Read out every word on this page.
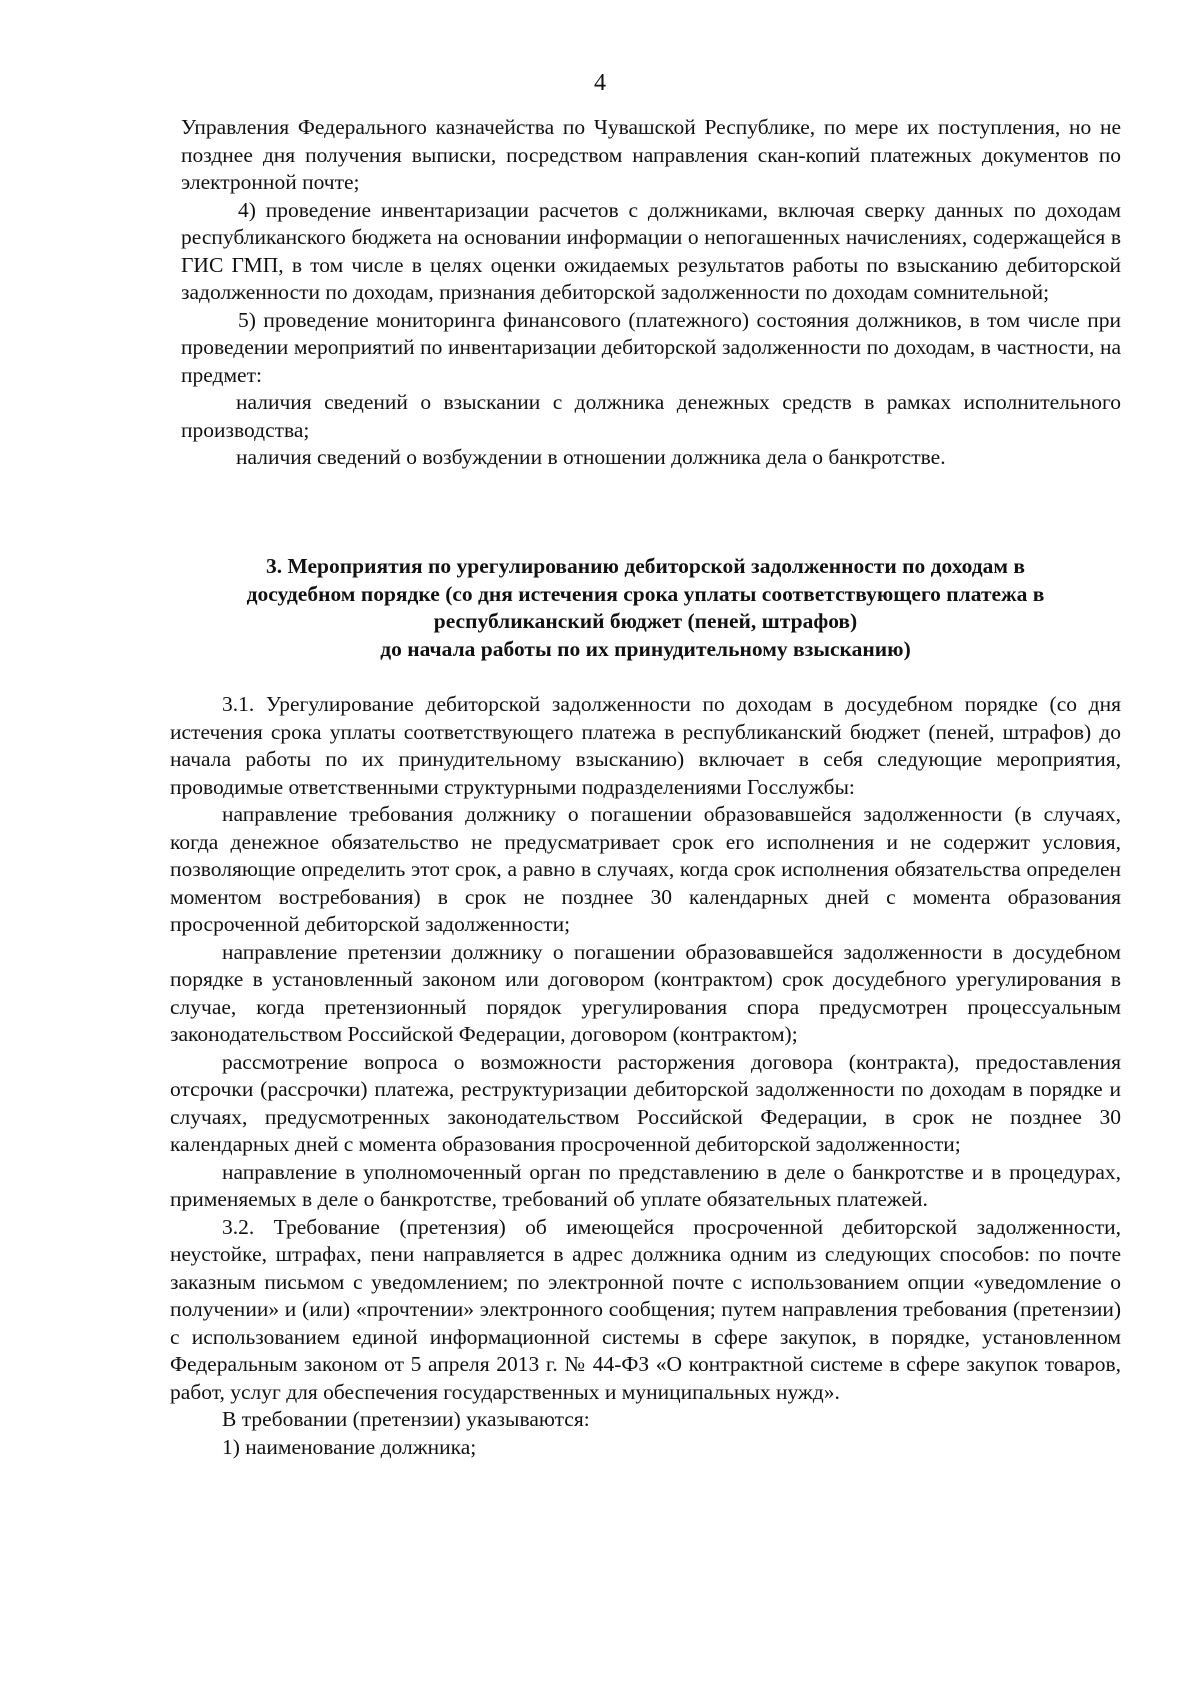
4

Управления Федерального казначейства по Чувашской Республике, по мере их поступления, но не позднее дня получения выписки, посредством направления скан-копий платежных документов по электронной почте;

4) проведение инвентаризации расчетов с должниками, включая сверку данных по доходам республиканского бюджета на основании информации о непогашенных начислениях, содержащейся в ГИС ГМП, в том числе в целях оценки ожидаемых результатов работы по взысканию дебиторской задолженности по доходам, признания дебиторской задолженности по доходам сомнительной;

5) проведение мониторинга финансового (платежного) состояния должников, в том числе при проведении мероприятий по инвентаризации дебиторской задолженности по доходам, в частности, на предмет:

наличия сведений о взыскании с должника денежных средств в рамках исполнительного производства;

наличия сведений о возбуждении в отношении должника дела о банкротстве.

3. Мероприятия по урегулированию дебиторской задолженности по доходам в
досудебном порядке (со дня истечения срока уплаты соответствующего платежа в
республиканский бюджет (пеней, штрафов)
до начала работы по их принудительному взысканию)

3.1. Урегулирование дебиторской задолженности по доходам в досудебном порядке (со дня истечения срока уплаты соответствующего платежа в республиканский бюджет (пеней, штрафов) до начала работы по их принудительному взысканию) включает в себя следующие мероприятия, проводимые ответственными структурными подразделениями Госслужбы:

направление требования должнику о погашении образовавшейся задолженности (в случаях, когда денежное обязательство не предусматривает срок его исполнения и не содержит условия, позволяющие определить этот срок, а равно в случаях, когда срок исполнения обязательства определен моментом востребования) в срок не позднее 30 календарных дней с момента образования просроченной дебиторской задолженности;

направление претензии должнику о погашении образовавшейся задолженности в досудебном порядке в установленный законом или договором (контрактом) срок досудебного урегулирования в случае, когда претензионный порядок урегулирования спора предусмотрен процессуальным законодательством Российской Федерации, договором (контрактом);

рассмотрение вопроса о возможности расторжения договора (контракта), предоставления отсрочки (рассрочки) платежа, реструктуризации дебиторской задолженности по доходам в порядке и случаях, предусмотренных законодательством Российской Федерации, в срок не позднее 30 календарных дней с момента образования просроченной дебиторской задолженности;

направление в уполномоченный орган по представлению в деле о банкротстве и в процедурах, применяемых в деле о банкротстве, требований об уплате обязательных платежей.

3.2. Требование (претензия) об имеющейся просроченной дебиторской задолженности, неустойке, штрафах, пени направляется в адрес должника одним из следующих способов: по почте заказным письмом с уведомлением; по электронной почте с использованием опции «уведомление о получении» и (или) «прочтении» электронного сообщения; путем направления требования (претензии) с использованием единой информационной системы в сфере закупок, в порядке, установленном Федеральным законом от 5 апреля 2013 г. № 44-ФЗ «О контрактной системе в сфере закупок товаров, работ, услуг для обеспечения государственных и муниципальных нужд».

В требовании (претензии) указываются:

1) наименование должника;
